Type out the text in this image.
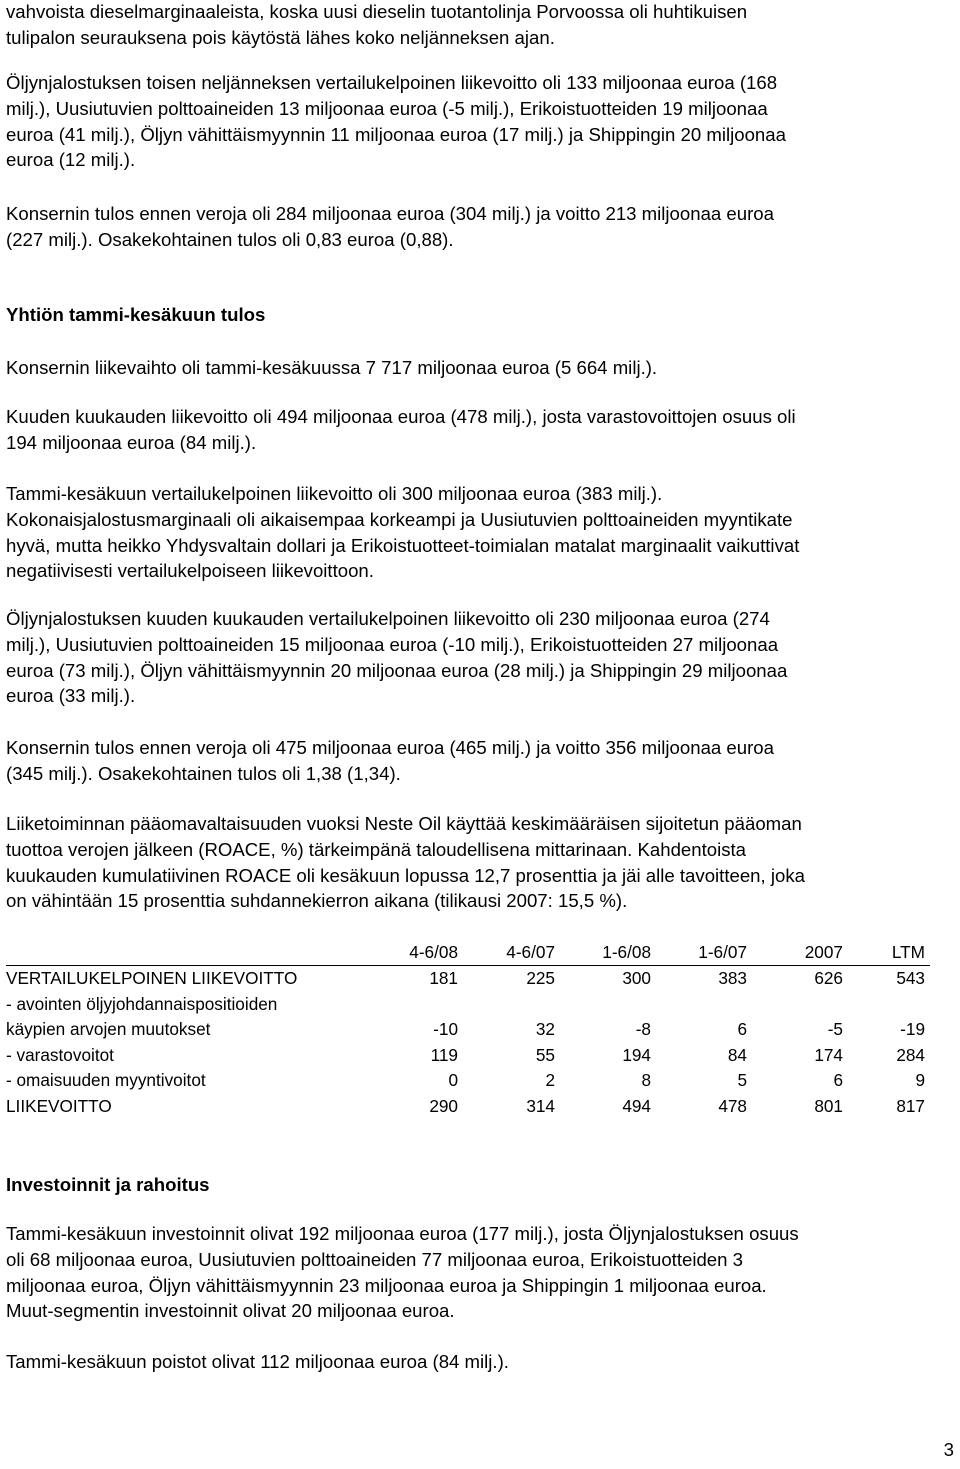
vahvoista dieselmarginaaleista, koska uusi dieselin tuotantolinja Porvoossa oli huhtikuisen
tulipalon seurauksena pois käytöstä lähes koko neljänneksen ajan.

Öljynjalostuksen toisen neljänneksen vertailukelpoinen liikevoitto oli 133 miljoonaa euroa (168
milj.), Uusiutuvien polttoaineiden 13 miljoonaa euroa (-5 milj.), Erikoistuotteiden 19 miljoonaa
euroa (41 milj.), Öljyn vähittäismyynnin 11 miljoonaa euroa (17 milj.) ja Shippingin 20 miljoonaa
euroa (12 milj.).

Konsernin tulos ennen veroja oli 284 miljoonaa euroa (304 milj.) ja voitto 213 miljoonaa euroa
(227 milj.). Osakekohtainen tulos oli 0,83 euroa (0,88).

Yhtiön tammi-kesäkuun tulos

Konsernin liikevaihto oli tammi-kesäkuussa 7 717 miljoonaa euroa (5 664 milj.).

Kuuden kuukauden liikevoitto oli 494 miljoonaa euroa (478 milj.), josta varastovoittojen osuus oli
194 miljoonaa euroa (84 milj.).

Tammi-kesäkuun vertailukelpoinen liikevoitto oli 300 miljoonaa euroa (383 milj.).
Kokonaisjalostusmarginaali oli aikaisempaa korkeampi ja Uusiutuvien polttoaineiden myyntikate
hyvä, mutta heikko Yhdysvaltain dollari ja Erikoistuotteet-toimialan matalat marginaalit vaikuttivat
negatiivisesti vertailukelpoiseen liikevoittoon.

Öljynjalostuksen kuuden kuukauden vertailukelpoinen liikevoitto oli 230 miljoonaa euroa (274
milj.), Uusiutuvien polttoaineiden 15 miljoonaa euroa (-10 milj.), Erikoistuotteiden 27 miljoonaa
euroa (73 milj.), Öljyn vähittäismyynnin 20 miljoonaa euroa (28 milj.) ja Shippingin 29 miljoonaa
euroa (33 milj.).

Konsernin tulos ennen veroja oli 475 miljoonaa euroa (465 milj.) ja voitto 356 miljoonaa euroa
(345 milj.). Osakekohtainen tulos oli 1,38 (1,34).

Liiketoiminnan pääomavaltaisuuden vuoksi Neste Oil käyttää keskimääräisen sijoitetun pääoman
tuottoa verojen jälkeen (ROACE, %) tärkeimpänä taloudellisena mittarinaan. Kahdentoista
kuukauden kumulatiivinen ROACE oli kesäkuun lopussa 12,7 prosenttia ja jäi alle tavoitteen, joka
on vähintään 15 prosenttia suhdannekierron aikana (tilikausi 2007: 15,5 %).

4-6/08	4-6/07	1-6/08	1-6/07	2007	LTM
VERTAILUKELPOINEN LIIKEVOITTO	181	225	300	383	626	543
- avointen öljyjohdannaispositioiden
käypien arvojen muutokset	-10	32	-8	6	-5	-19
- varastovoitot	119	55	194	84	174	284
- omaisuuden myyntivoitot	0	2	8	5	6	9
LIIKEVOITTO	290	314	494	478	801	817
Investoinnit ja rahoitus

Tammi-kesäkuun investoinnit olivat 192 miljoonaa euroa (177 milj.), josta Öljynjalostuksen osuus
oli 68 miljoonaa euroa, Uusiutuvien polttoaineiden 77 miljoonaa euroa, Erikoistuotteiden 3
miljoonaa euroa, Öljyn vähittäismyynnin 23 miljoonaa euroa ja Shippingin 1 miljoonaa euroa.
Muut-segmentin investoinnit olivat 20 miljoonaa euroa.

Tammi-kesäkuun poistot olivat 112 miljoonaa euroa (84 milj.).

3
